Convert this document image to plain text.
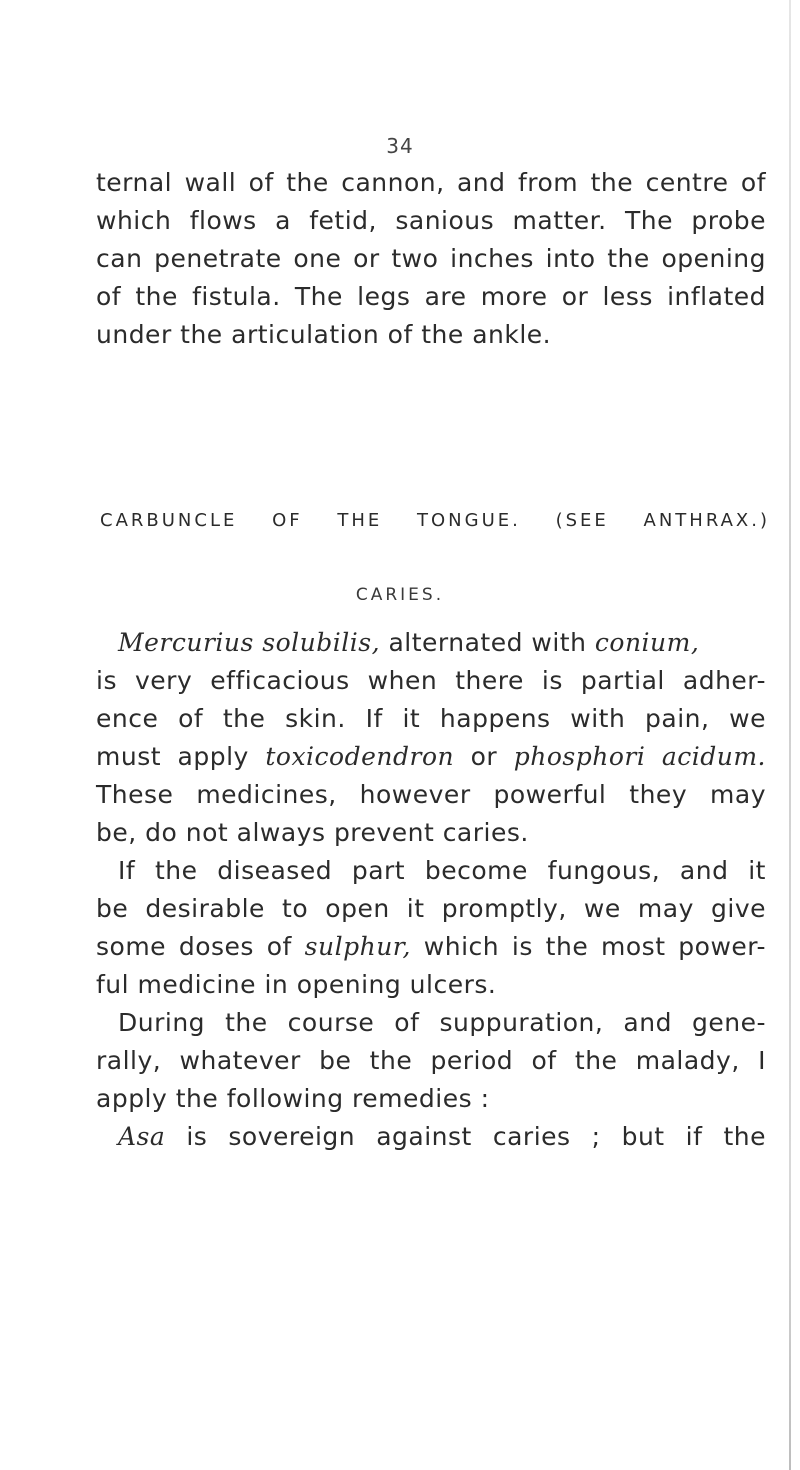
34
ternal wall of the cannon, and from the centre of
which flows a fetid, sanious matter. The probe
can penetrate one or two inches into the opening
of the fistula. The legs are more or less inflated
under the articulation of the ankle.
CARBUNCLE OF THE TONGUE. (SEE ANTHRAX.)
CARIES.
Mercurius solubilis, alternated with conium,
is very efficacious when there is partial adher-
ence of the skin. If it happens with pain, we
must apply toxicodendron or phosphori acidum.
These medicines, however powerful they may
be, do not always prevent caries.
If the diseased part become fungous, and it
be desirable to open it promptly, we may give
some doses of sulphur, which is the most power-
ful medicine in opening ulcers.
During the course of suppuration, and gene-
rally, whatever be the period of the malady, I
apply the following remedies :
Asa is sovereign against caries ; but if the
